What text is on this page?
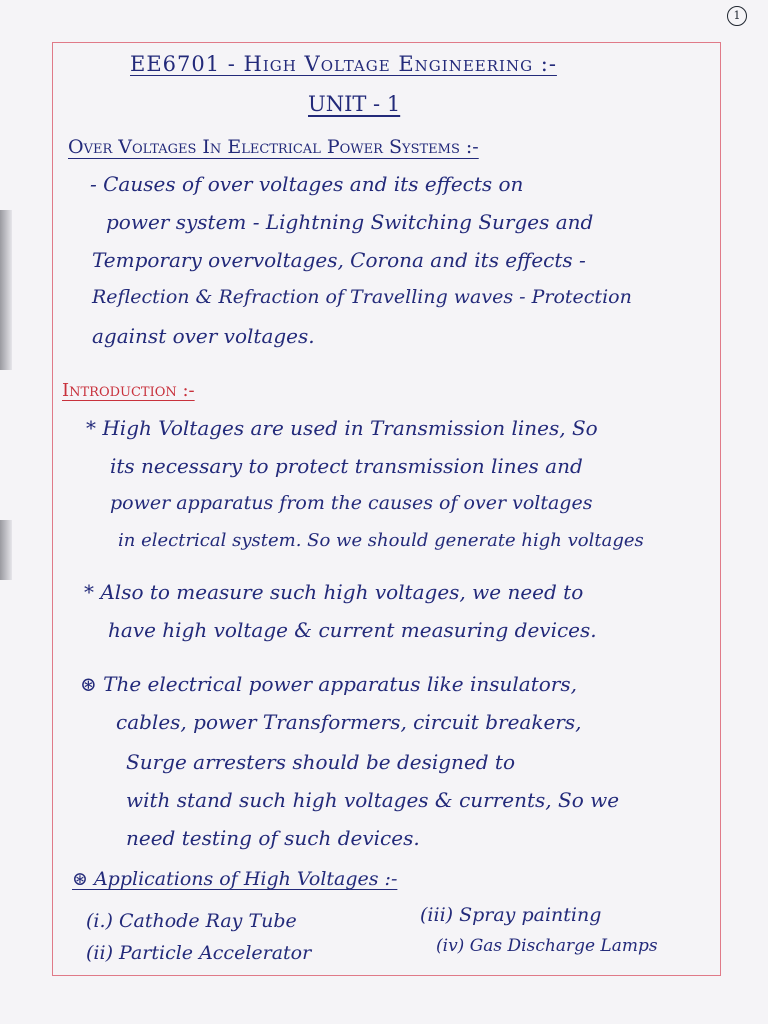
1
EE6701 - High Voltage Engineering :-
UNIT - 1
Over Voltages In Electrical Power Systems :-
- Causes of over voltages and its effects on
power system - Lightning Switching Surges and
Temporary overvoltages, Corona and its effects -
Reflection & Refraction of Travelling waves - Protection
against over voltages.
Introduction :-
* High Voltages are used in Transmission lines, So
its necessary to protect transmission lines and
power apparatus from the causes of over voltages
in electrical system. So we should generate high voltages
* Also to measure such high voltages, we need to
have high voltage & current measuring devices.
⊛ The electrical power apparatus like insulators,
cables, power Transformers, circuit breakers,
Surge arresters should be designed to
with stand such high voltages & currents, So we
need testing of such devices.
⊛ Applications of High Voltages :-
(i.) Cathode Ray Tube	(iii) Spray painting
(ii) Particle Accelerator	(iv) Gas Discharge Lamps
